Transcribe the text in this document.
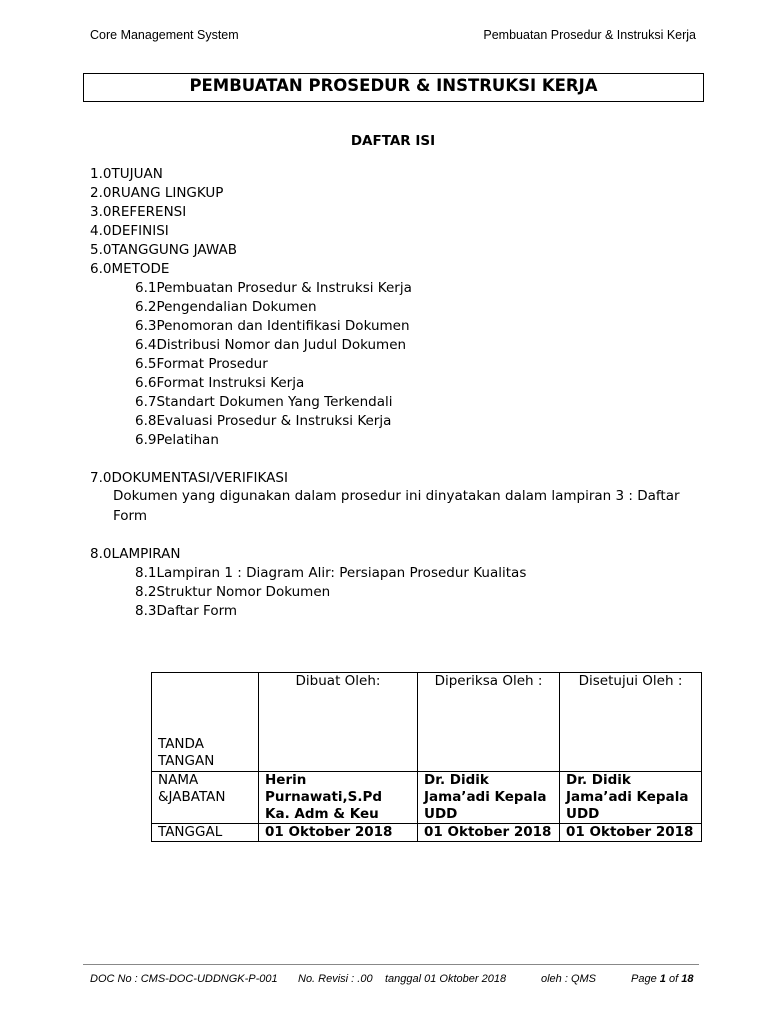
Core Management System	Pembuatan Prosedur & Instruksi Kerja
PEMBUATAN PROSEDUR & INSTRUKSI KERJA
DAFTAR ISI
1.0TUJUAN
2.0RUANG LINGKUP
3.0REFERENSI
4.0DEFINISI
5.0TANGGUNG JAWAB
6.0METODE
6.1Pembuatan Prosedur & Instruksi Kerja
6.2Pengendalian Dokumen
6.3Penomoran dan Identifikasi Dokumen
6.4Distribusi Nomor dan Judul Dokumen
6.5Format Prosedur
6.6Format Instruksi Kerja
6.7Standart Dokumen Yang Terkendali
6.8Evaluasi Prosedur & Instruksi Kerja
6.9Pelatihan
7.0DOKUMENTASI/VERIFIKASI
Dokumen yang digunakan dalam prosedur ini dinyatakan dalam lampiran 3 : Daftar Form
8.0LAMPIRAN
8.1Lampiran 1 : Diagram Alir: Persiapan Prosedur Kualitas
8.2Struktur Nomor Dokumen
8.3Daftar Form
TANDA TANGAN	Dibuat Oleh:	Diperiksa Oleh :	Disetujui Oleh :
NAMA &JABATAN	Herin Purnawati,S.Pd Ka. Adm & Keu	Dr. Didik Jama’adi Kepala UDD	Dr. Didik Jama’adi Kepala UDD
TANGGAL	01 Oktober 2018	01 Oktober 2018	01 Oktober 2018
DOC No : CMS-DOC-UDDNGK-P-001 No. Revisi : .00 tanggal 01 Oktober 2018	oleh : QMS	Page 1 of 18
